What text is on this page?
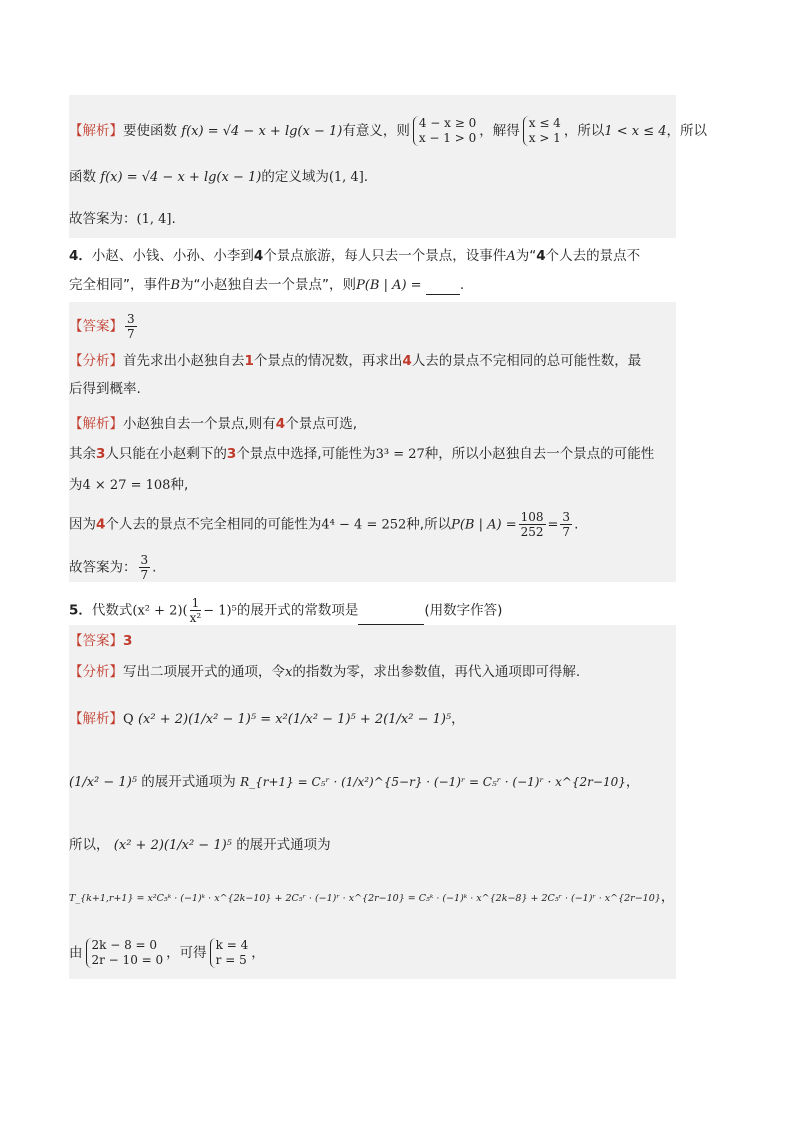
【解析】要使函数 f(x) = √4 − x + lg(x − 1)有意义，则 4 − x ≥ 0
x − 1 > 0 ，解得 x ≤ 4
x > 1 ，所以1 < x ≤ 4，所以
函数 f(x) = √4 − x + lg(x − 1)的定义域为(1, 4].
故答案为：(1, 4].
4．小赵、小钱、小孙、小李到4个景点旅游，每人只去一个景点，设事件A为“4个人去的景点不
完全相同”，事件B为“小赵独自去一个景点”，则P(B | A) =	.
【答案】 $\frac{3}{7}$
【分析】首先求出小赵独自去1个景点的情况数，再求出4人去的景点不完相同的总可能性数，最
后得到概率.
【解析】小赵独自去一个景点,则有4个景点可选,
其余3人只能在小赵剩下的3个景点中选择,可能性为3³ = 27种，所以小赵独自去一个景点的可能性
为4 × 27 = 108种,
因为4个人去的景点不完全相同的可能性为4⁴ − 4 = 252种,所以P(B | $A) = \frac{108}{252} = \frac{3}{7}$ .
故答案为： $\frac{3}{7}$ .
5．代数式$(x^2 + 2)( \frac{1}{\text{x²}} - 1)^5$的展开式的常数项是	(用数字作答)
【答案】3
【分析】写出二项展开式的通项，令x的指数为零，求出参数值，再代入通项即可得解.
【解析】Q (x² + 2)(1/x² − 1)⁵ = x²(1/x² − 1)⁵ + 2(1/x² − 1)⁵，
(1/x² − 1)⁵ 的展开式通项为 R_{r+1} = C₅ʳ · (1/x²)^{5−r} · (−1)ʳ = C₅ʳ · (−1)ʳ · x^{2r−10}，
所以， (x² + 2)(1/x² − 1)⁵ 的展开式通项为
T_{k+1,r+1} = x²C₅ᵏ · (−1)ᵏ · x^{2k−10} + 2C₅ʳ · (−1)ʳ · x^{2r−10} = C₅ᵏ · (−1)ᵏ · x^{2k−8} + 2C₅ʳ · (−1)ʳ · x^{2r−10}，
由 2k − 8 = 0
2r − 10 = 0 ，可得 k = 4
r = 5 ，
